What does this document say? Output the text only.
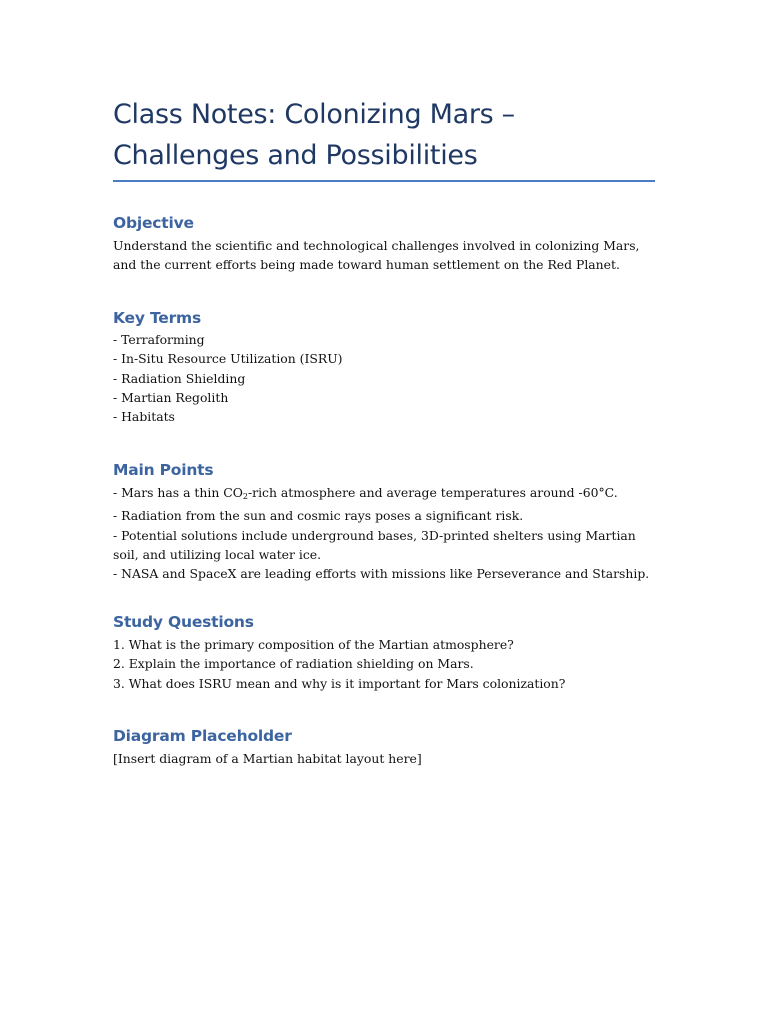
Class Notes: Colonizing Mars – Challenges and Possibilities
Objective

Understand the scientific and technological challenges involved in colonizing Mars, and the current efforts being made toward human settlement on the Red Planet.

Key Terms
- Terraforming
- In-Situ Resource Utilization (ISRU)
- Radiation Shielding
- Martian Regolith
- Habitats
Main Points
- Mars has a thin $CO_2$-rich atmosphere and average temperatures around -60°C.
- Radiation from the sun and cosmic rays poses a significant risk.
- Potential solutions include underground bases, 3D-printed shelters using Martian soil, and utilizing local water ice.
- NASA and SpaceX are leading efforts with missions like Perseverance and Starship.
Study Questions
1. What is the primary composition of the Martian atmosphere?
2. Explain the importance of radiation shielding on Mars.
3. What does ISRU mean and why is it important for Mars colonization?
Diagram Placeholder

[Insert diagram of a Martian habitat layout here]
